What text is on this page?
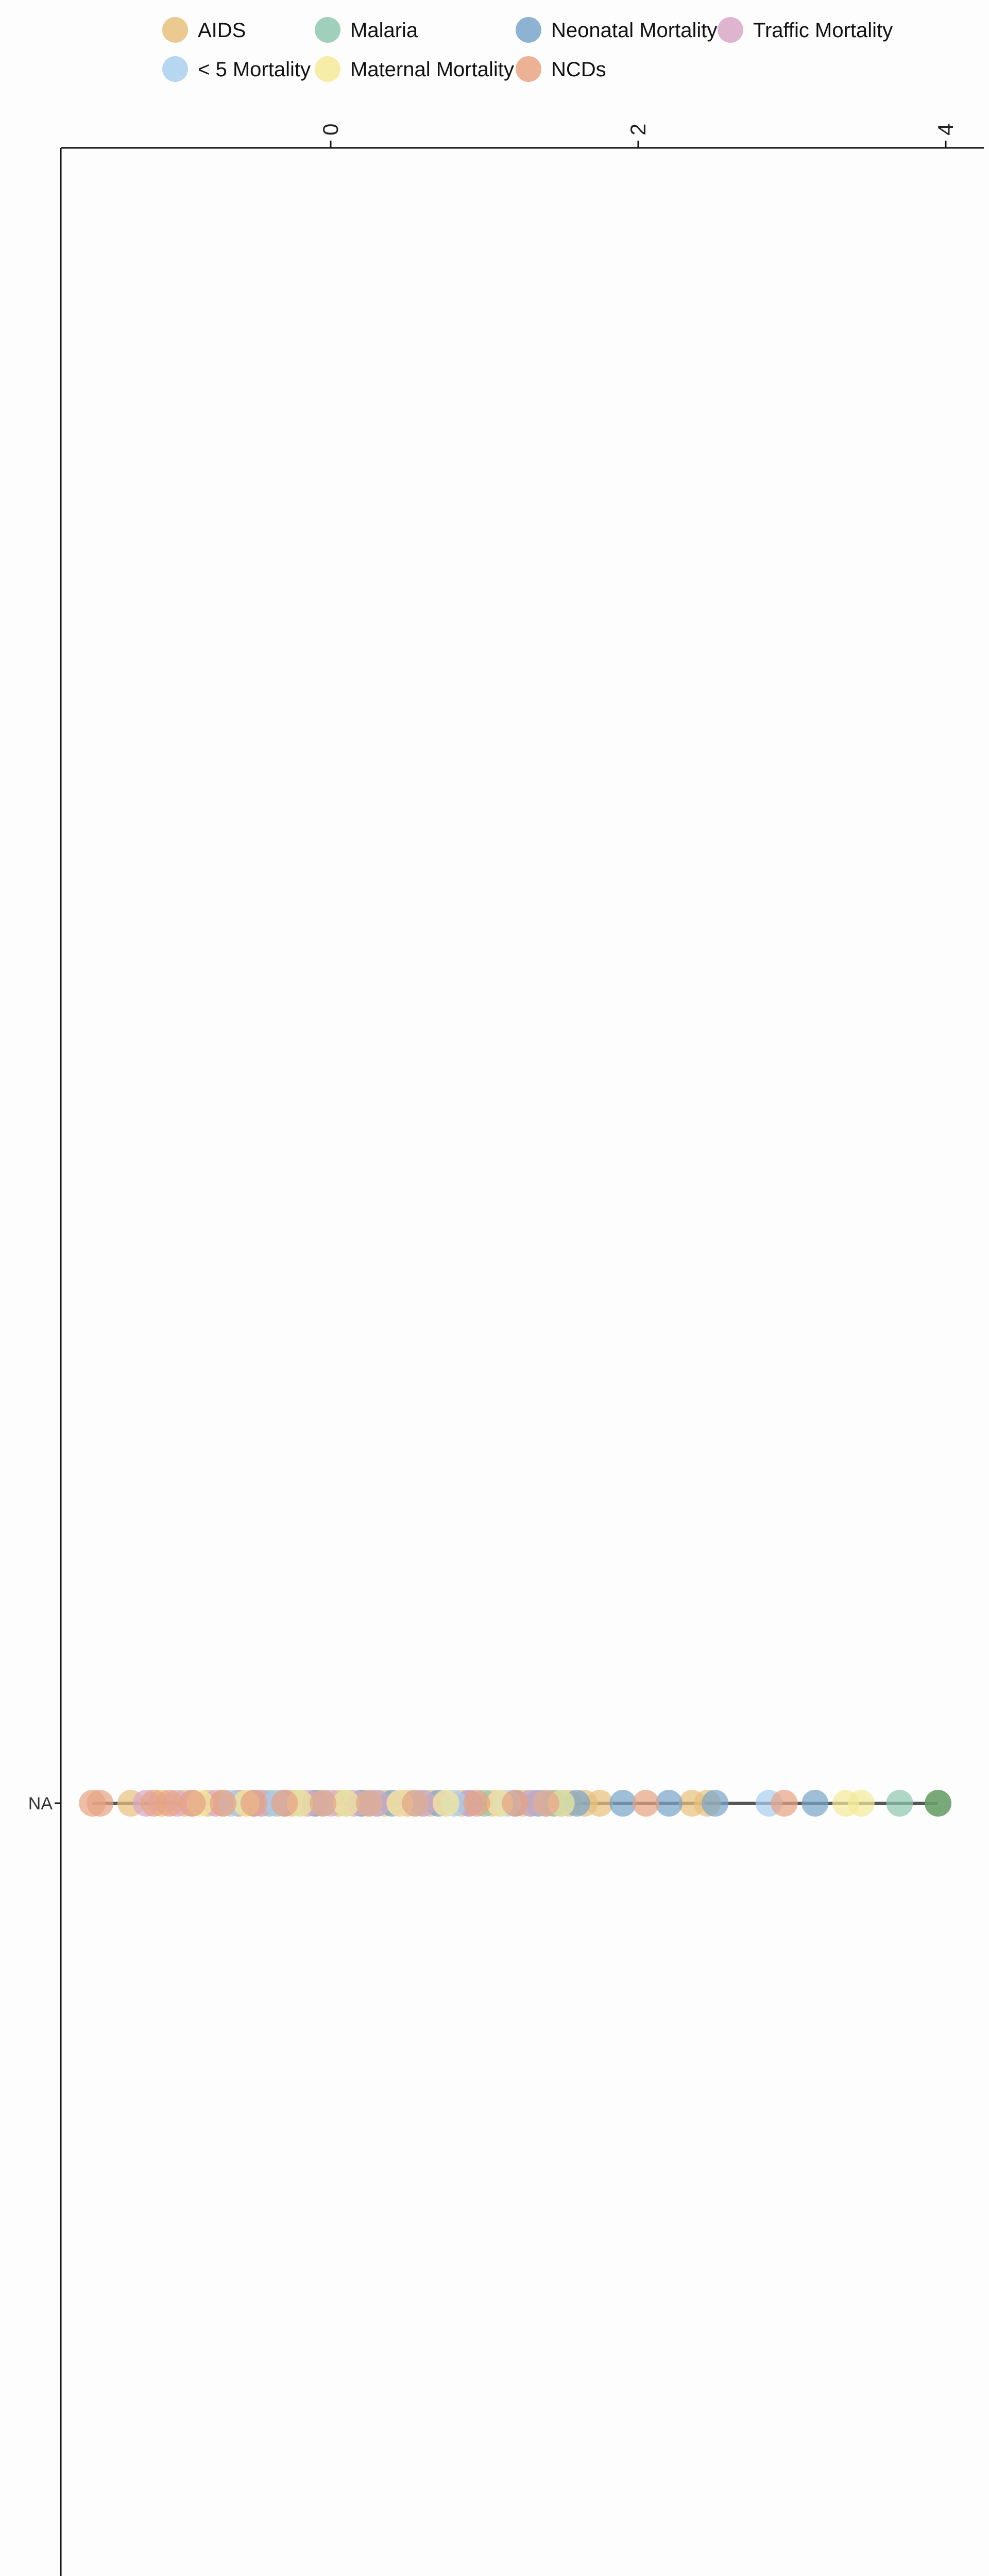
AIDS	Malaria	Neonatal Mortality Traffic Mortality
< 5 Mortality Maternal Mortality NCDs
0	2	4
NA
